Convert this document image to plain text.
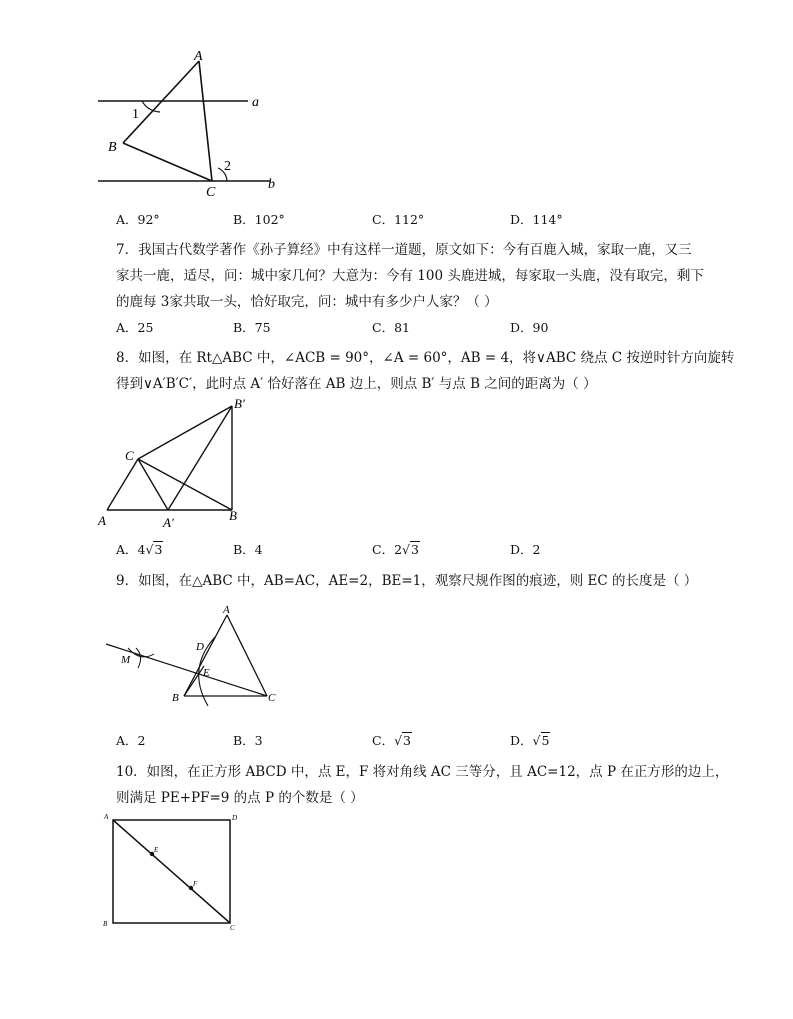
A
B
C
a
b
1
2
A．92°	B．102°	C．112°	D．114°
7．我国古代数学著作《孙子算经》中有这样一道题，原文如下：今有百鹿入城，家取一鹿，又三
家共一鹿，适尽，问：城中家几何？大意为：今有 100 头鹿进城，每家取一头鹿，没有取完，剩下
的鹿每 3家共取一头，恰好取完，问：城中有多少户人家？（ ）
A．25	B．75	C．81	D．90
8．如图，在 Rt△ABC 中，∠ACB = 90°，∠A = 60°，AB = 4，将∨ABC 绕点 C 按逆时针方向旋转
得到∨A′B′C′，此时点 A′ 恰好落在 AB 边上，则点 B′ 与点 B 之间的距离为（ ）
A	B
C
A′
B′
A．4√3	B．4	C．2√3	D．2
9．如图，在△ABC 中，AB=AC，AE=2，BE=1，观察尺规作图的痕迹，则 EC 的长度是（ ）
A
B	C
D
E
M
A．2	B．3	C．√3	D．√5
10．如图，在正方形 ABCD 中，点 E，F 将对角线 AC 三等分，且 AC=12，点 P 在正方形的边上，
则满足 PE+PF=9 的点 P 的个数是（ ）
A
B	C
D
E
F
